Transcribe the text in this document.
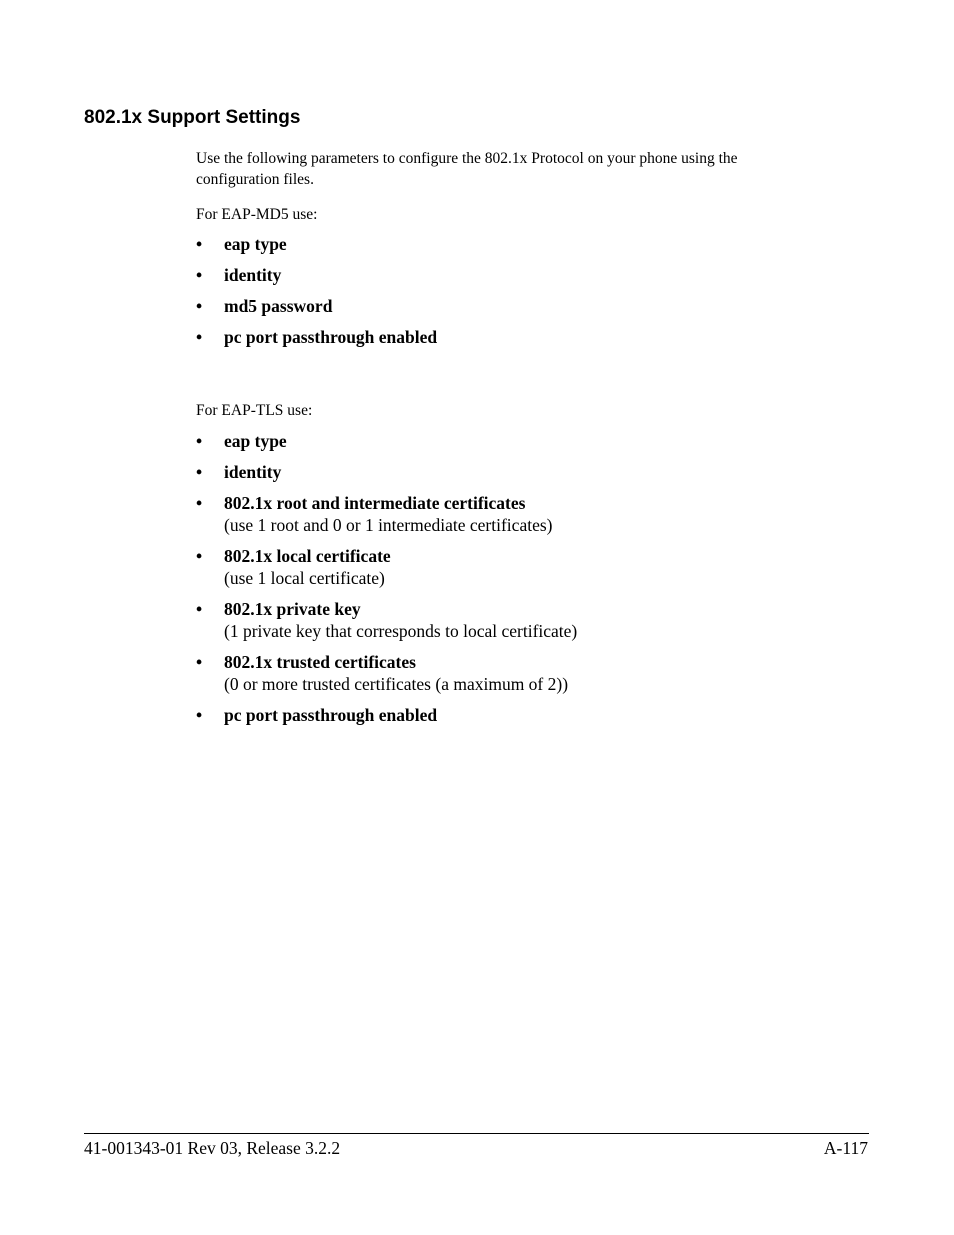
802.1x Support Settings

Use the following parameters to configure the 802.1x Protocol on your phone using the
configuration files.

For EAP-MD5 use:

• eap type
• identity
• md5 password
• pc port passthrough enabled

For EAP-TLS use:

• eap type
• identity
• 802.1x root and intermediate certificates
(use 1 root and 0 or 1 intermediate certificates)
• 802.1x local certificate
(use 1 local certificate)
• 802.1x private key
(1 private key that corresponds to local certificate)
• 802.1x trusted certificates
(0 or more trusted certificates (a maximum of 2))
• pc port passthrough enabled
41-001343-01 Rev 03, Release 3.2.2	A-117
